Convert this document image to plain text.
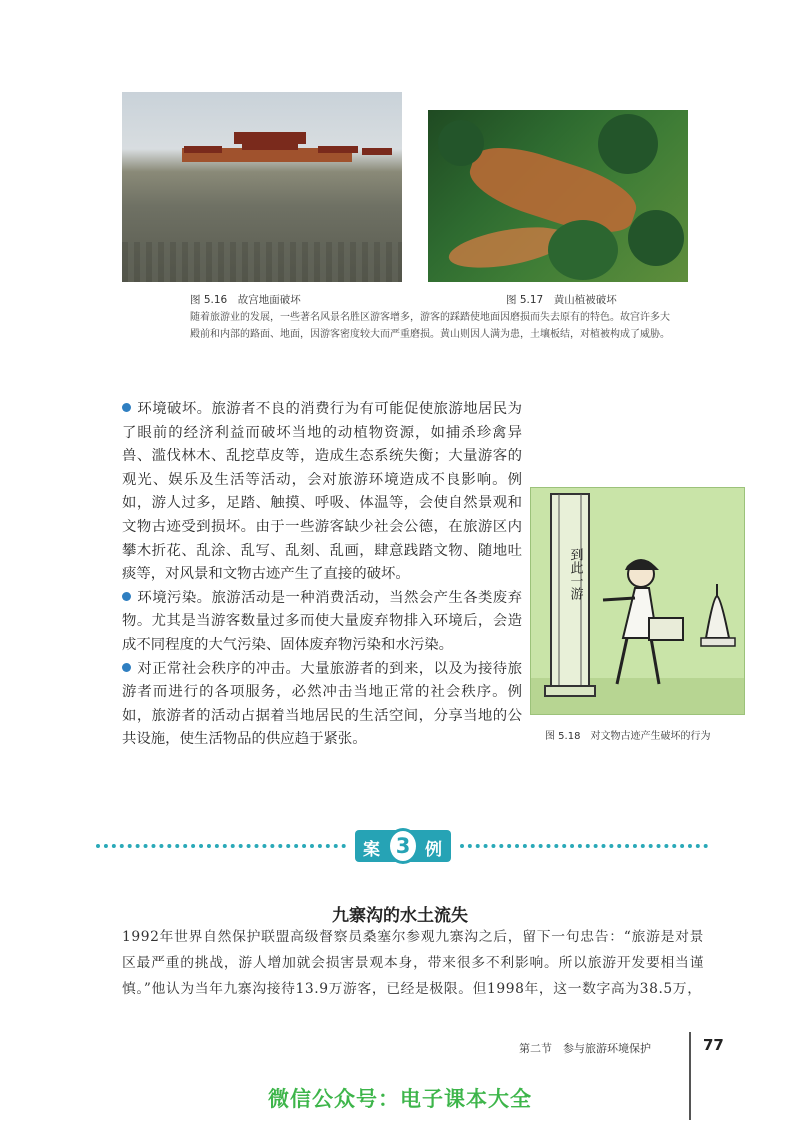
图 5.16　故宫地面破坏	图 5.17　黄山植被破坏
随着旅游业的发展，一些著名风景名胜区游客增多，游客的踩踏使地面因磨损而失去原有的特色。故宫许多大殿前和内部的路面、地面，因游客密度较大而严重磨损。黄山则因人满为患，土壤板结，对植被构成了威胁。

环境破坏。旅游者不良的消费行为有可能促使旅游地居民为了眼前的经济利益而破坏当地的动植物资源，如捕杀珍禽异兽、滥伐林木、乱挖草皮等，造成生态系统失衡；大量游客的观光、娱乐及生活等活动，会对旅游环境造成不良影响。例如，游人过多，足踏、触摸、呼吸、体温等，会使自然景观和文物古迹受到损坏。由于一些游客缺少社会公德，在旅游区内攀木折花、乱涂、乱写、乱刻、乱画，肆意践踏文物、随地吐痰等，对风景和文物古迹产生了直接的破坏。

环境污染。旅游活动是一种消费活动，当然会产生各类废弃物。尤其是当游客数量过多而使大量废弃物排入环境后，会造成不同程度的大气污染、固体废弃物污染和水污染。

对正常社会秩序的冲击。大量旅游者的到来，以及为接待旅游者而进行的各项服务，必然冲击当地正常的社会秩序。例如，旅游者的活动占据着当地居民的生活空间，分享当地的公共设施，使生活物品的供应趋于紧张。

到此一游
图 5.18　对文物古迹产生破坏的行为
案 3 例
九寨沟的水土流失
1992年世界自然保护联盟高级督察员桑塞尔参观九寨沟之后，留下一句忠告：“旅游是对景区最严重的挑战，游人增加就会损害景观本身，带来很多不利影响。所以旅游开发要相当谨慎。”他认为当年九寨沟接待13.9万游客，已经是极限。但1998年，这一数字高为38.5万，
第二节　参与旅游环境保护	77
微信公众号：电子课本大全
